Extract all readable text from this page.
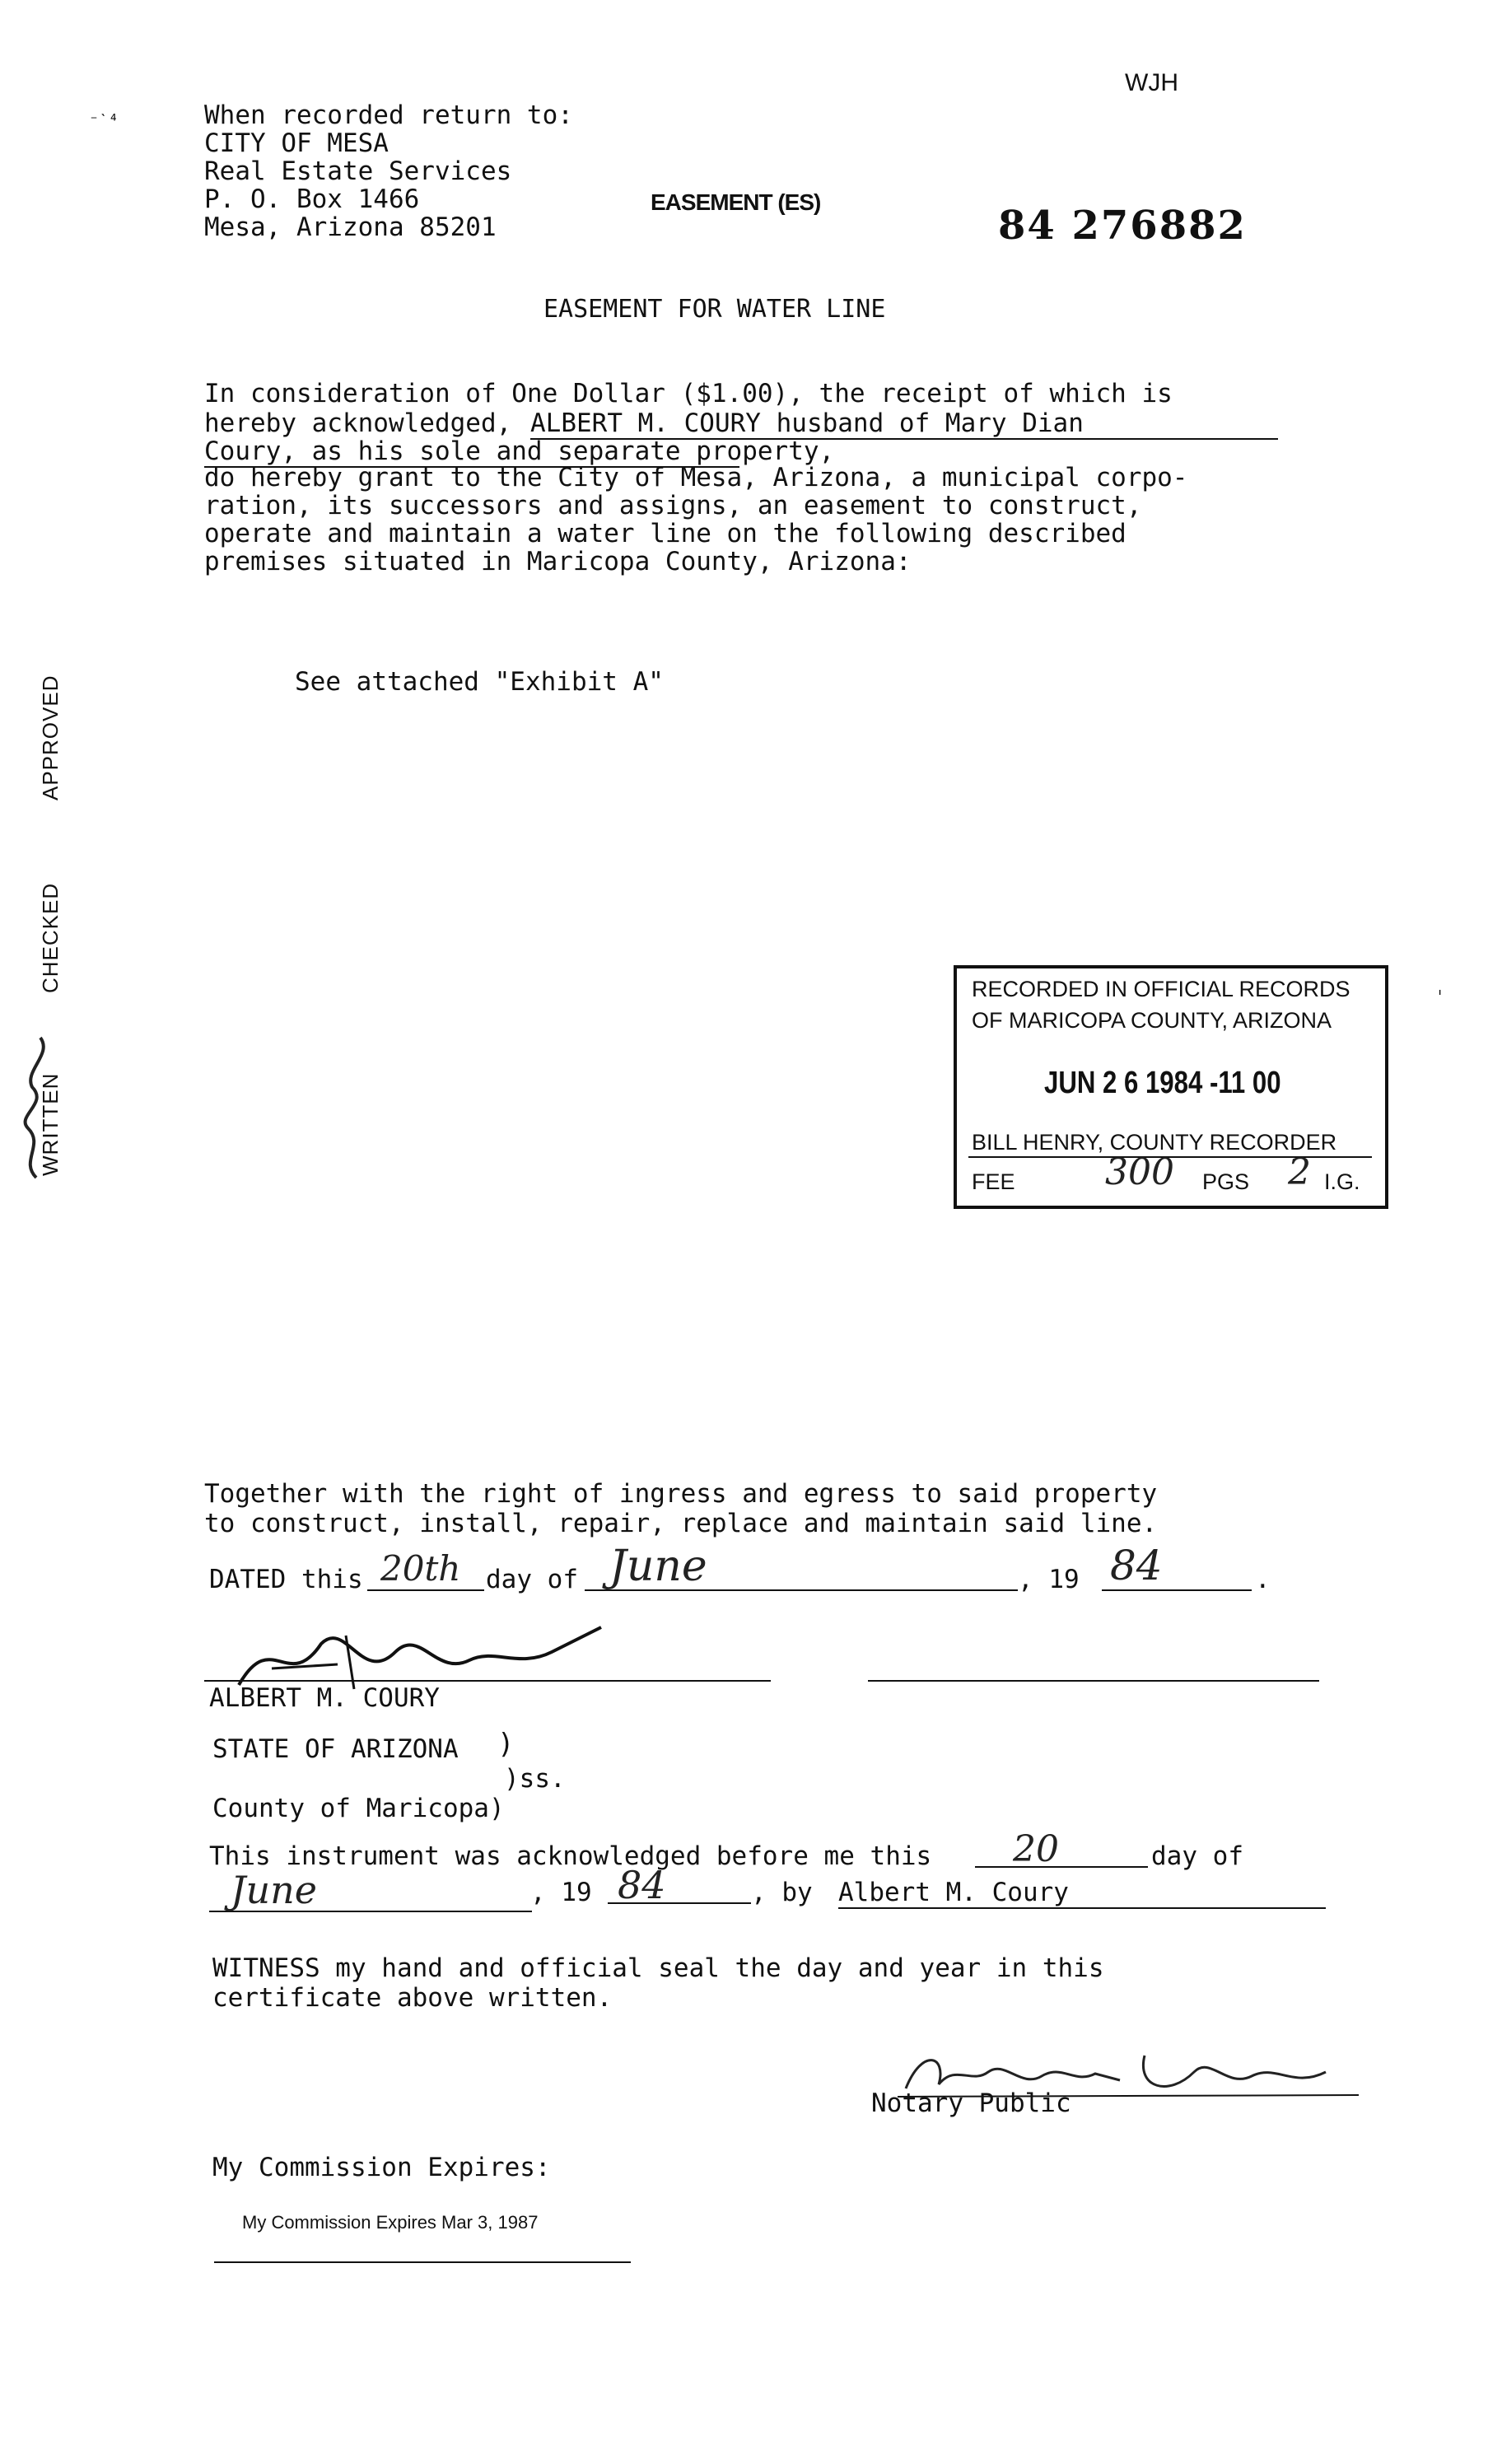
WJH
When recorded return to:
CITY OF MESA
Real Estate Services
P. O. Box 1466
Mesa, Arizona 85201
EASEMENT (ES)
84 276882
EASEMENT FOR WATER LINE
In consideration of One Dollar ($1.00), the receipt of which is
hereby acknowledged, ALBERT M. COURY husband of Mary Dian
Coury, as his sole and separate property,
do hereby grant to the City of Mesa, Arizona, a municipal corpo-
ration, its successors and assigns, an easement to construct,
operate and maintain a water line on the following described
premises situated in Maricopa County, Arizona:
See attached "Exhibit A"
APPROVED
CHECKED
WRITTEN
⁻ˋ⁴
ˈ
RECORDED IN OFFICIAL RECORDS
OF MARICOPA COUNTY, ARIZONA
JUN 2 6 1984 -11 00
BILL HENRY, COUNTY RECORDER
FEE 300 PGS 2 I.G.
Together with the right of ingress and egress to said property
to construct, install, repair, replace and maintain said line.
DATED this 20th day of June	, 19 84	.
ALBERT M. COURY
STATE OF ARIZONA )
)ss.
County of Maricopa)
This instrument was acknowledged before me this 20	day of
June	, 19 84	, by Albert M. Coury
WITNESS my hand and official seal the day and year in this
certificate above written.
Notary Public
My Commission Expires:
My Commission Expires Mar 3, 1987
